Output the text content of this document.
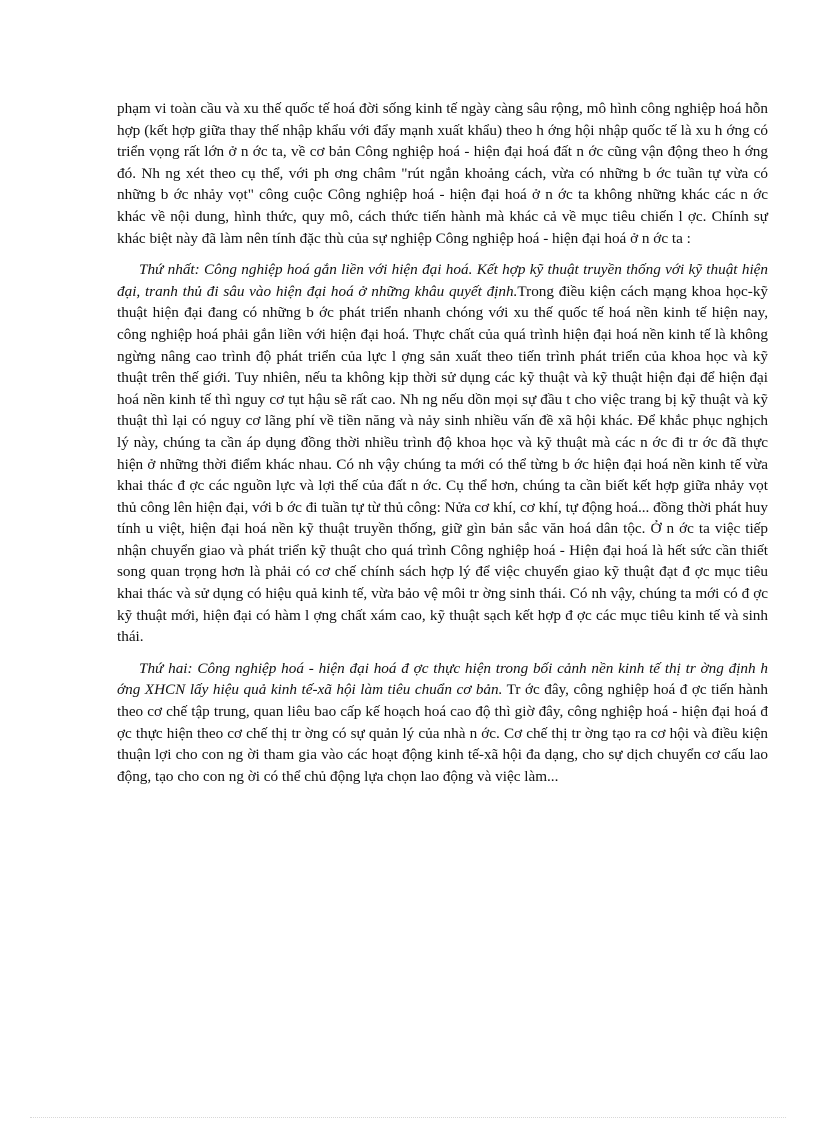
phạm vi toàn cầu và xu thế quốc tế hoá đời sống kinh tế ngày càng sâu rộng, mô hình công nghiệp hoá hỗn hợp (kết hợp giữa thay thế nhập khẩu với đẩy mạnh xuất khẩu) theo h ớng hội nhập quốc tế là xu h ớng có triển vọng rất lớn ở n ớc ta, về cơ bản Công nghiệp hoá - hiện đại hoá đất n ớc cũng vận động theo h ớng đó. Nh ng xét theo cụ thể, với ph ơng châm "rút ngắn khoảng cách, vừa có những b ớc tuần tự vừa có những b ớc nhảy vọt" công cuộc Công nghiệp hoá - hiện đại hoá ở n ớc ta không những khác các n ớc khác về nội dung, hình thức, quy mô, cách thức tiến hành mà khác cả về mục tiêu chiến l ợc. Chính sự khác biệt này đã làm nên tính đặc thù của sự nghiệp Công nghiệp hoá - hiện đại hoá ở n ớc ta :

Thứ nhất: Công nghiệp hoá gắn liền với hiện đại hoá. Kết hợp kỹ thuật truyền thống với kỹ thuật hiện đại, tranh thủ đi sâu vào hiện đại hoá ở những khâu quyết định.Trong điều kiện cách mạng khoa học-kỹ thuật hiện đại đang có những b ớc phát triển nhanh chóng với xu thế quốc tế hoá nền kinh tế hiện nay, công nghiệp hoá phải gắn liền với hiện đại hoá. Thực chất của quá trình hiện đại hoá nền kinh tế là không ngừng nâng cao trình độ phát triển của lực l ợng sản xuất theo tiến trình phát triển của khoa học và kỹ thuật trên thế giới. Tuy nhiên, nếu ta không kịp thời sử dụng các kỹ thuật và kỹ thuật hiện đại để hiện đại hoá nền kinh tế thì nguy cơ tụt hậu sẽ rất cao. Nh ng nếu dồn mọi sự đầu t cho việc trang bị kỹ thuật và kỹ thuật thì lại có nguy cơ lãng phí về tiền năng và nảy sinh nhiều vấn đề xã hội khác. Để khắc phục nghịch lý này, chúng ta cần áp dụng đồng thời nhiều trình độ khoa học và kỹ thuật mà các n ớc đi tr ớc đã thực hiện ở những thời điểm khác nhau. Có nh vậy chúng ta mới có thể từng b ớc hiện đại hoá nền kinh tế vừa khai thác đ ợc các nguồn lực và lợi thế của đất n ớc. Cụ thể hơn, chúng ta cần biết kết hợp giữa nhảy vọt thủ công lên hiện đại, với b ớc đi tuần tự từ thủ công: Nửa cơ khí, cơ khí, tự động hoá... đồng thời phát huy tính u việt, hiện đại hoá nền kỹ thuật truyền thống, giữ gìn bản sắc văn hoá dân tộc. Ở n ớc ta việc tiếp nhận chuyển giao và phát triển kỹ thuật cho quá trình Công nghiệp hoá - Hiện đại hoá là hết sức cần thiết song quan trọng hơn là phải có cơ chế chính sách hợp lý để việc chuyển giao kỹ thuật đạt đ ợc mục tiêu khai thác và sử dụng có hiệu quả kinh tế, vừa bảo vệ môi tr ờng sinh thái. Có nh vậy, chúng ta mới có đ ợc kỹ thuật mới, hiện đại có hàm l ợng chất xám cao, kỹ thuật sạch kết hợp đ ợc các mục tiêu kinh tế và sinh thái.

Thứ hai: Công nghiệp hoá - hiện đại hoá đ ợc thực hiện trong bối cảnh nền kinh tế thị tr ờng định h ớng XHCN lấy hiệu quả kinh tế-xã hội làm tiêu chuẩn cơ bản. Tr ớc đây, công nghiệp hoá đ ợc tiến hành theo cơ chế tập trung, quan liêu bao cấp kế hoạch hoá cao độ thì giờ đây, công nghiệp hoá - hiện đại hoá đ ợc thực hiện theo cơ chế thị tr ờng có sự quản lý của nhà n ớc. Cơ chế thị tr ờng tạo ra cơ hội và điều kiện thuận lợi cho con ng ời tham gia vào các hoạt động kinh tế-xã hội đa dạng, cho sự dịch chuyển cơ cấu lao động, tạo cho con ng ời có thể chủ động lựa chọn lao động và việc làm...
